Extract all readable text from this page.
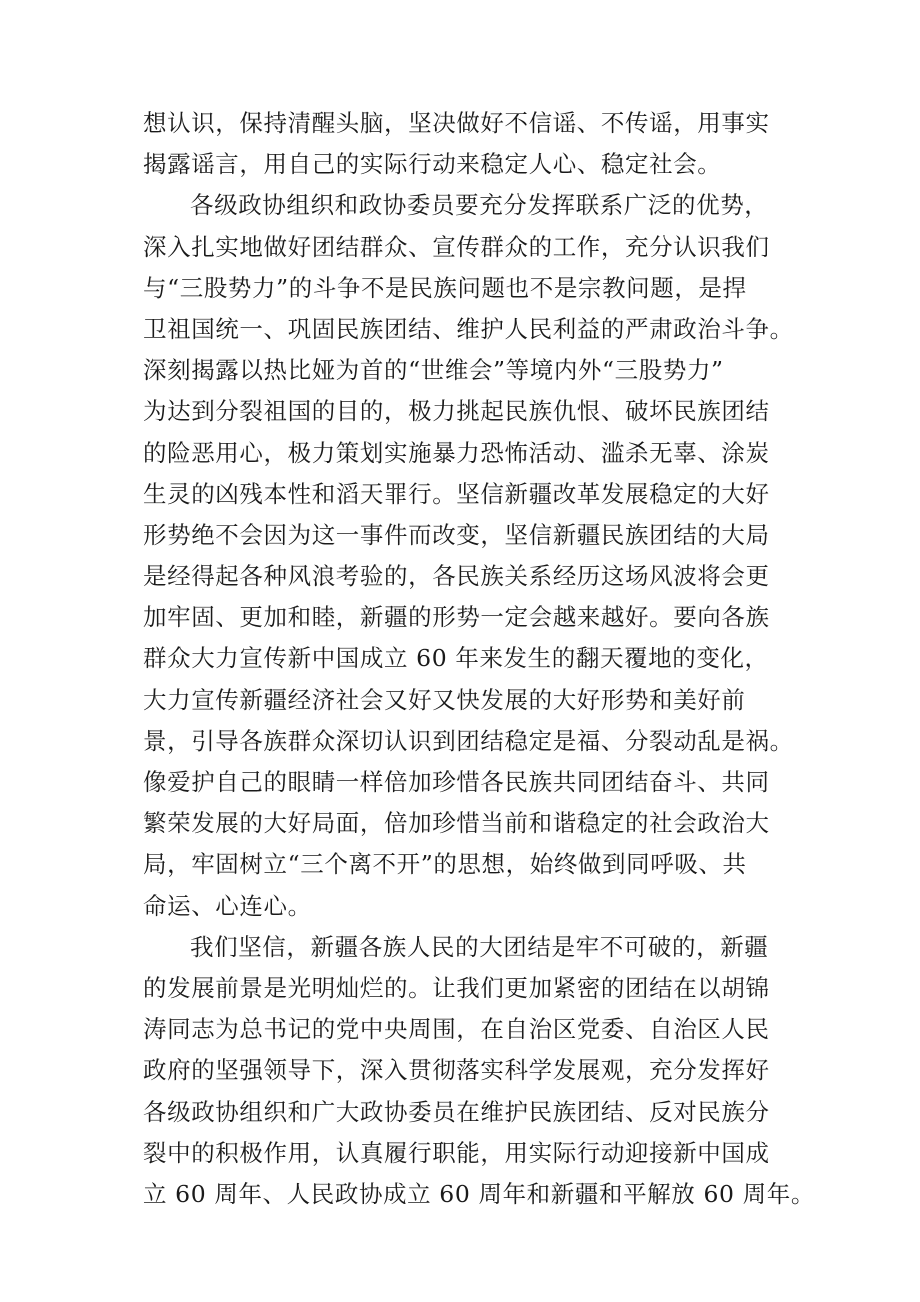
想认识，保持清醒头脑，坚决做好不信谣、不传谣，用事实
揭露谣言，用自己的实际行动来稳定人心、稳定社会。
各级政协组织和政协委员要充分发挥联系广泛的优势，
深入扎实地做好团结群众、宣传群众的工作，充分认识我们
与“三股势力”的斗争不是民族问题也不是宗教问题，是捍
卫祖国统一、巩固民族团结、维护人民利益的严肃政治斗争。
深刻揭露以热比娅为首的“世维会”等境内外“三股势力”
为达到分裂祖国的目的，极力挑起民族仇恨、破坏民族团结
的险恶用心，极力策划实施暴力恐怖活动、滥杀无辜、涂炭
生灵的凶残本性和滔天罪行。坚信新疆改革发展稳定的大好
形势绝不会因为这一事件而改变，坚信新疆民族团结的大局
是经得起各种风浪考验的，各民族关系经历这场风波将会更
加牢固、更加和睦，新疆的形势一定会越来越好。要向各族
群众大力宣传新中国成立 60 年来发生的翻天覆地的变化，
大力宣传新疆经济社会又好又快发展的大好形势和美好前
景，引导各族群众深切认识到团结稳定是福、分裂动乱是祸。
像爱护自己的眼睛一样倍加珍惜各民族共同团结奋斗、共同
繁荣发展的大好局面，倍加珍惜当前和谐稳定的社会政治大
局，牢固树立“三个离不开”的思想，始终做到同呼吸、共
命运、心连心。
我们坚信，新疆各族人民的大团结是牢不可破的，新疆
的发展前景是光明灿烂的。让我们更加紧密的团结在以胡锦
涛同志为总书记的党中央周围，在自治区党委、自治区人民
政府的坚强领导下，深入贯彻落实科学发展观，充分发挥好
各级政协组织和广大政协委员在维护民族团结、反对民族分
裂中的积极作用，认真履行职能，用实际行动迎接新中国成
立 60 周年、人民政协成立 60 周年和新疆和平解放 60 周年。
